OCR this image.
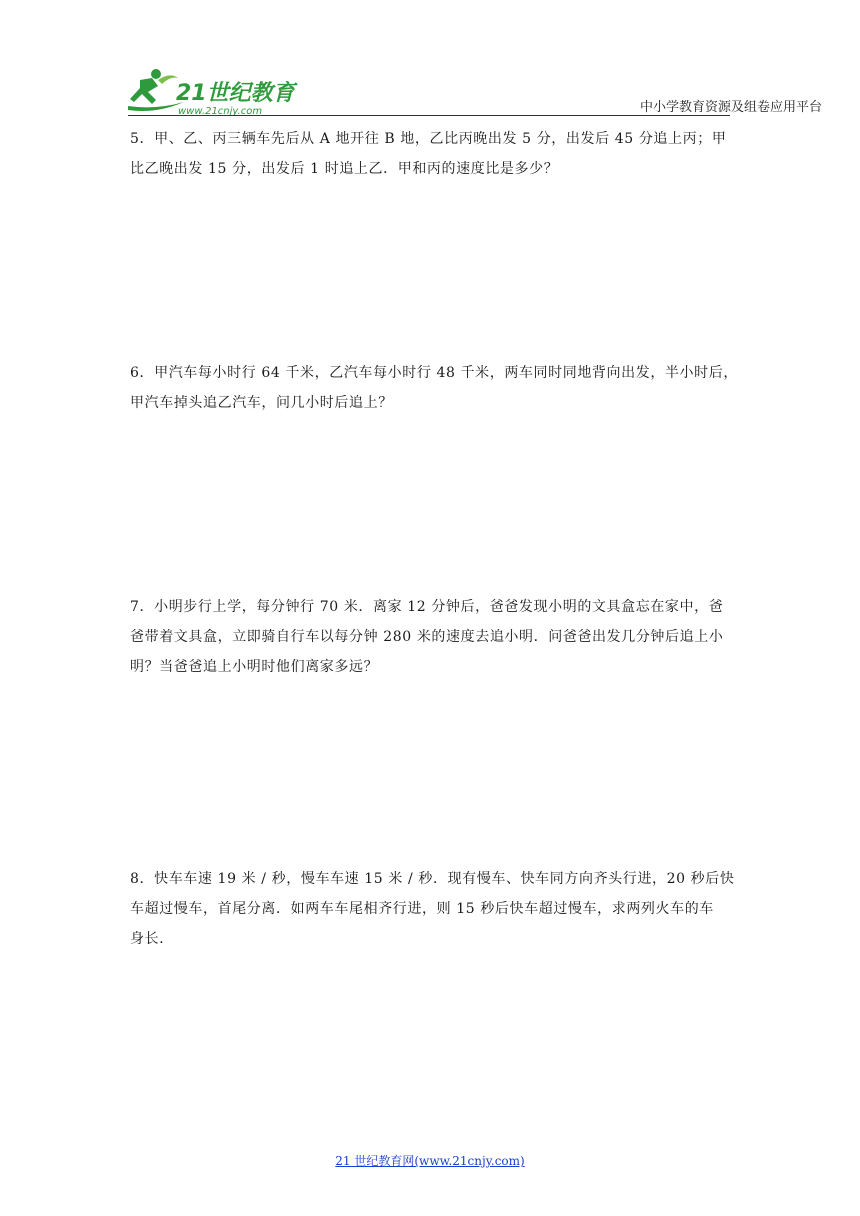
21世纪教育
www.21cnjy.com	中小学教育资源及组卷应用平台
5．甲、乙、丙三辆车先后从 A 地开往 B 地，乙比丙晚出发 5 分，出发后 45 分追上丙；甲
比乙晚出发 15 分，出发后 1 时追上乙．甲和丙的速度比是多少？
6．甲汽车每小时行 64 千米，乙汽车每小时行 48 千米，两车同时同地背向出发，半小时后，
甲汽车掉头追乙汽车，问几小时后追上？
7．小明步行上学，每分钟行 70 米．离家 12 分钟后，爸爸发现小明的文具盒忘在家中，爸
爸带着文具盒，立即骑自行车以每分钟 280 米的速度去追小明．问爸爸出发几分钟后追上小
明？当爸爸追上小明时他们离家多远？
8．快车车速 19 米 / 秒，慢车车速 15 米 / 秒．现有慢车、快车同方向齐头行进，20 秒后快
车超过慢车，首尾分离．如两车车尾相齐行进，则 15 秒后快车超过慢车，求两列火车的车
身长．
21 世纪教育网(www.21cnjy.com)
